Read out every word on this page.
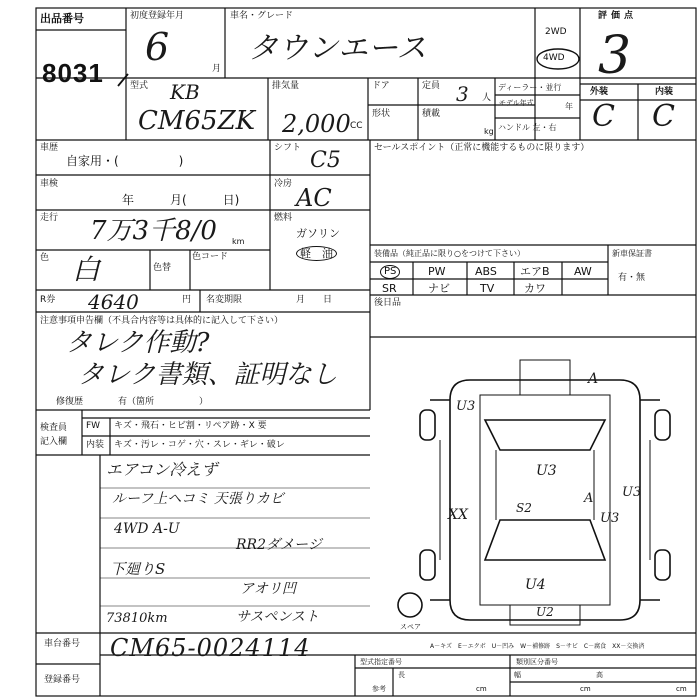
出品番号
8031
初度登録年月
6	月
車名・グレード
タウンエース	2WD
4WD
評価点
3
外装	内装
C C
型式 KB
CM65ZK
排気量
2,000 CC
ドア	定員 3 人
形状	積載
kg
ディーラー・並行
モデル年式	年
ハンドル 左・右
車歴
自家用・(　　　　　)
シフト C5
車検
年　　　月(　　　日)
冷房 AC
走行 7万3千8/0 km
燃料
ガソリン
軽　油
色 白	色替
色コード
R券 4640	円 名変期限	月　　日
セールスポイント（正常に機能するものに限ります）
装備品（純正品に限り○をつけて下さい）	新車保証書
有・無
PS	PW	ABS エアB AW
SR	ナビ	TV	カワ
後日品
注意事項申告欄（不具合内容等は具体的に記入して下さい）
タレク作動?
タレク書類、証明なし
修復歴	有（箇所　　　　　）
検査員
記入欄
FW キズ・飛石・ヒビ割・リペア跡・X 要
内装 キズ・汚レ・コゲ・穴・スレ・ギレ・破レ
エアコン冷えず
ルーフ上ヘコミ 天張りカビ
4WD A-U
RR2ダメージ
下廻りS
アオリ凹
サスペンスト
73810km
A
U3
U3
S2
U3
U4
U2
U3
A
XX
スペア
A－キズ　E－エクボ　U－凹み　W－補修跡　S－サビ　C－腐食　XX－交換済
車台番号 CM65-0024114
登録番号
型式指定番号
参考
類別区分番号
長
cm
幅
cm
高
cm
